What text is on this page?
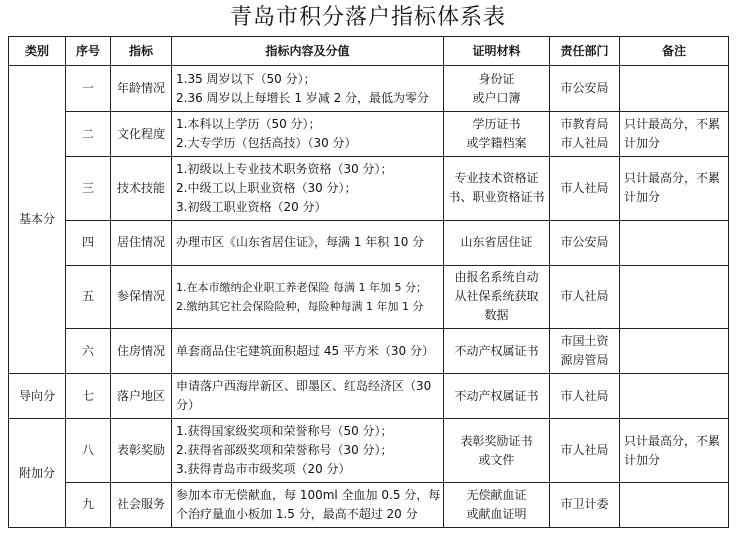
青岛市积分落户指标体系表
类别	序号	指标	指标内容及分值	证明材料	责任部门	备注
基本分	一	年龄情况	1.35 周岁以下（50 分）；
2.36 周岁以上每增长 1 岁减 2 分，最低为零分	身份证
或户口簿	市公安局	

	二	文化程度	1.本科以上学历（50 分）；
2.大专学历（包括高技）（30 分）	学历证书
或学籍档案	市教育局
市人社局	只计最高分，不累计加分

	三	技术技能	1.初级以上专业技术职务资格（30 分）；
2.中级工以上职业资格（30 分）；
3.初级工职业资格（20 分）	专业技术资格证
书、职业资格证书	市人社局	只计最高分，不累计加分

	四	居住情况	办理市区《山东省居住证》，每满 1 年积 10 分	山东省居住证	市公安局	

	五	参保情况	1.在本市缴纳企业职工养老保险 每满 1 年加 5 分；
2.缴纳其它社会保险险种，每险种每满 1 年加 1 分	由报名系统自动
从社保系统获取
数据	市人社局	

	六	住房情况	单套商品住宅建筑面积超过 45 平方米（30 分）	不动产权属证书	市国土资
源房管局	

导向分	七	落户地区	申请落户西海岸新区、即墨区、红岛经济区（30
分）	不动产权属证书	市人社局	

附加分	八	表彰奖励	1.获得国家级奖项和荣誉称号（50 分）；
2.获得省部级奖项和荣誉称号（30 分）；
3.获得青岛市市级奖项（20 分）	表彰奖励证书
或文件	市人社局	只计最高分，不累计加分

	九	社会服务	参加本市无偿献血，每 100ml 全血加 0.5 分，每
个治疗量血小板加 1.5 分，最高不超过 20 分	无偿献血证
或献血证明	市卫计委	
